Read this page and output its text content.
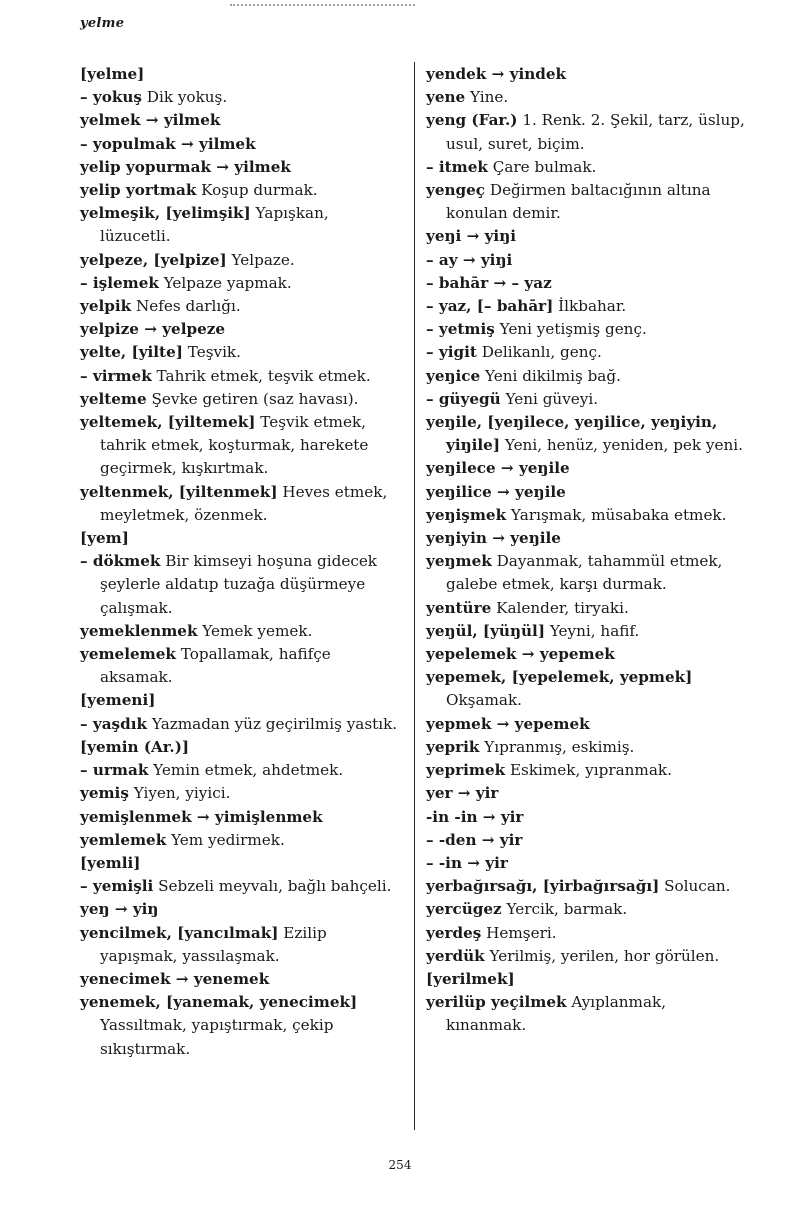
yelme
[yelme]
– yokuş Dik yokuş.
yelmek → yilmek
– yopulmak → yilmek
yelip yopurmak → yilmek
yelip yortmak Koşup durmak.
yelmeşik, [yelimşik] Yapışkan, lüzucetli.
yelpeze, [yelpize] Yelpaze.
– işlemek Yelpaze yapmak.
yelpik Nefes darlığı.
yelpize → yelpeze
yelte, [yilte] Teşvik.
– virmek Tahrik etmek, teşvik etmek.
yelteme Şevke getiren (saz havası).
yeltemek, [yiltemek] Teşvik etmek, tahrik etmek, koşturmak, harekete geçirmek, kışkırtmak.
yeltenmek, [yiltenmek] Heves etmek, meyletmek, özenmek.
[yem]
– dökmek Bir kimseyi hoşuna gidecek şeylerle aldatıp tuzağa düşürmeye çalışmak.
yemeklenmek Yemek yemek.
yemelemek Topallamak, hafifçe aksamak.
[yemeni]
– yaşdık Yazmadan yüz geçirilmiş yastık.
[yemin (Ar.)]
– urmak Yemin etmek, ahdetmek.
yemiş Yiyen, yiyici.
yemişlenmek → yimişlenmek
yemlemek Yem yedirmek.
[yemli]
– yemişli Sebzeli meyvalı, bağlı bahçeli.
yeŋ → yiŋ
yencilmek, [yancılmak] Ezilip yapışmak, yassılaşmak.
yenecimek → yenemek
yenemek, [yanemak, yenecimek] Yassıltmak, yapıştırmak, çekip sıkıştırmak.
yendek → yindek
yene Yine.
yeng (Far.) 1. Renk. 2. Şekil, tarz, üslup, usul, suret, biçim.
– itmek Çare bulmak.
yengeç Değirmen baltacığının altına konulan demir.
yeŋi → yiŋi
– ay → yiŋi
– bahār → – yaz
– yaz, [– bahār] İlkbahar.
– yetmiş Yeni yetişmiş genç.
– yigit Delikanlı, genç.
yeŋice Yeni dikilmiş bağ.
– güyegü Yeni güveyi.
yeŋile, [yeŋilece, yeŋilice, yeŋiyin, yiŋile] Yeni, henüz, yeniden, pek yeni.
yeŋilece → yeŋile
yeŋilice → yeŋile
yeŋişmek Yarışmak, müsabaka etmek.
yeŋiyin → yeŋile
yeŋmek Dayanmak, tahammül etmek, galebe etmek, karşı durmak.
yentüre Kalender, tiryaki.
yeŋül, [yüŋül] Yeyni, hafif.
yepelemek → yepemek
yepemek, [yepelemek, yepmek] Okşamak.
yepmek → yepemek
yeprik Yıpranmış, eskimiş.
yeprimek Eskimek, yıpranmak.
yer → yir
-in -in → yir
– -den → yir
– -in → yir
yerbağırsağı, [yirbağırsağı] Solucan.
yercügez Yercik, barmak.
yerdeş Hemşeri.
yerdük Yerilmiş, yerilen, hor görülen.
[yerilmek]
yerilüp yeçilmek Ayıplanmak, kınanmak.
254
